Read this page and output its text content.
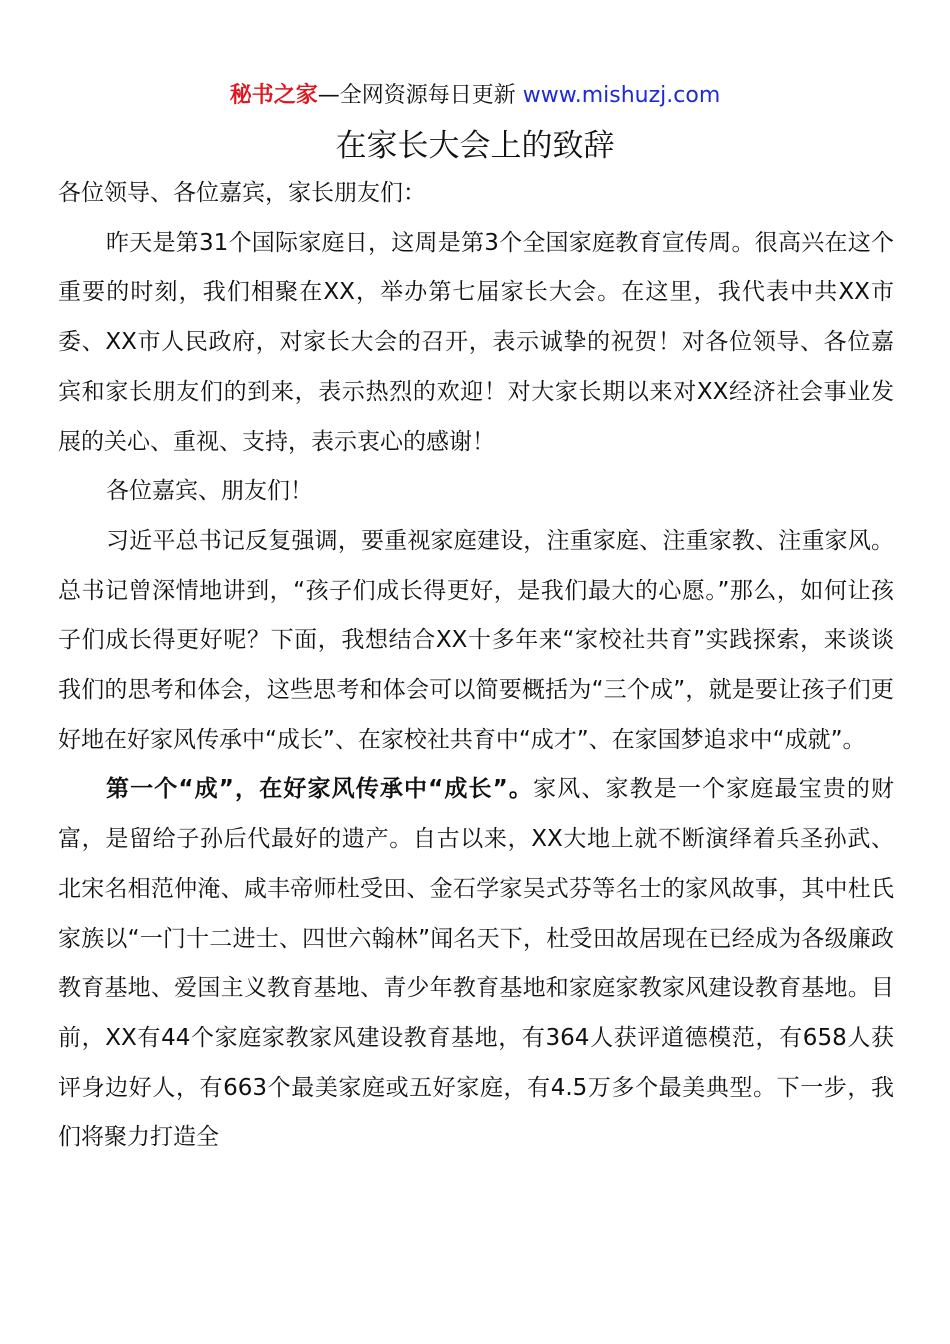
秘书之家—全网资源每日更新 www.mishuzj.com
在家长大会上的致辞

各位领导、各位嘉宾，家长朋友们：

昨天是第31个国际家庭日，这周是第3个全国家庭教育宣传周。很高兴在这个重要的时刻，我们相聚在XX，举办第七届家长大会。在这里，我代表中共XX市委、XX市人民政府，对家长大会的召开，表示诚挚的祝贺！对各位领导、各位嘉宾和家长朋友们的到来，表示热烈的欢迎！对大家长期以来对XX经济社会事业发展的关心、重视、支持，表示衷心的感谢！

各位嘉宾、朋友们！

习近平总书记反复强调，要重视家庭建设，注重家庭、注重家教、注重家风。总书记曾深情地讲到，“孩子们成长得更好，是我们最大的心愿。”那么，如何让孩子们成长得更好呢？下面，我想结合XX十多年来“家校社共育”实践探索，来谈谈我们的思考和体会，这些思考和体会可以简要概括为“三个成”，就是要让孩子们更好地在好家风传承中“成长”、在家校社共育中“成才”、在家国梦追求中“成就”。

第一个“成”，在好家风传承中“成长”。家风、家教是一个家庭最宝贵的财富，是留给子孙后代最好的遗产。自古以来，XX大地上就不断演绎着兵圣孙武、北宋名相范仲淹、咸丰帝师杜受田、金石学家吴式芬等名士的家风故事，其中杜氏家族以“一门十二进士、四世六翰林”闻名天下，杜受田故居现在已经成为各级廉政教育基地、爱国主义教育基地、青少年教育基地和家庭家教家风建设教育基地。目前，XX有44个家庭家教家风建设教育基地，有364人获评道德模范，有658人获评身边好人，有663个最美家庭或五好家庭，有4.5万多个最美典型。下一步，我们将聚力打造全
